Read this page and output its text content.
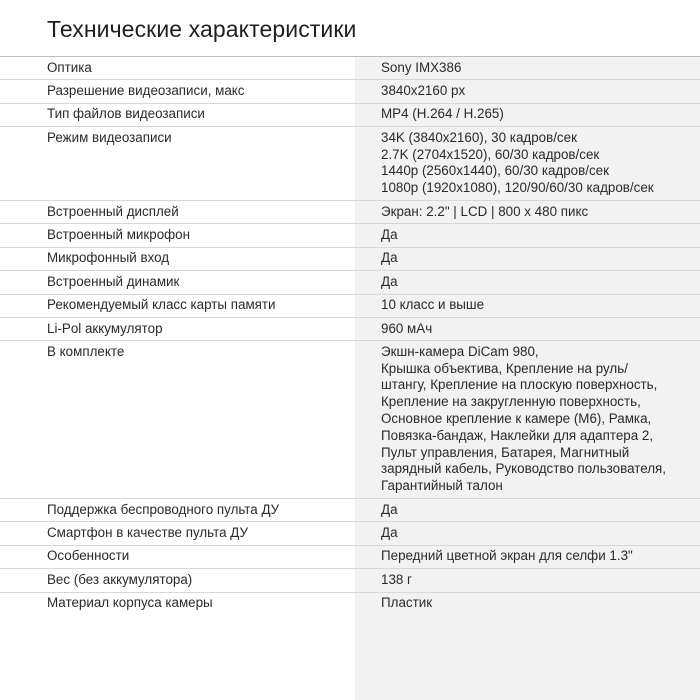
Технические характеристики
Оптика	Sony IMX386
Разрешение видеозаписи, макс	3840x2160 px
Тип файлов видеозаписи	MP4 (H.264 / H.265)
Режим видеозаписи	34K (3840x2160), 30 кадров/сек
2.7K (2704x1520), 60/30 кадров/сек
1440p (2560x1440), 60/30 кадров/сек
1080p (1920x1080), 120/90/60/30 кадров/сек
Встроенный дисплей	Экран: 2.2" | LCD | 800 x 480 пикс
Встроенный микрофон	Да
Микрофонный вход	Да
Встроенный динамик	Да
Рекомендуемый класс карты памяти	10 класс и выше
Li-Pol аккумулятор	960 мАч
В комплекте	Экшн-камера DiCam 980,
Крышка объектива, Крепление на руль/
штангу, Крепление на плоскую поверхность,
Крепление на закругленную поверхность,
Основное крепление к камере (М6), Рамка,
Повязка-бандаж, Наклейки для адаптера 2,
Пульт управления, Батарея, Магнитный
зарядный кабель, Руководство пользователя,
Гарантийный талон
Поддержка беспроводного пульта ДУ	Да
Смартфон в качестве пульта ДУ	Да
Особенности	Передний цветной экран для селфи 1.3"
Вес (без аккумулятора)	138 г
Материал корпуса камеры	Пластик
